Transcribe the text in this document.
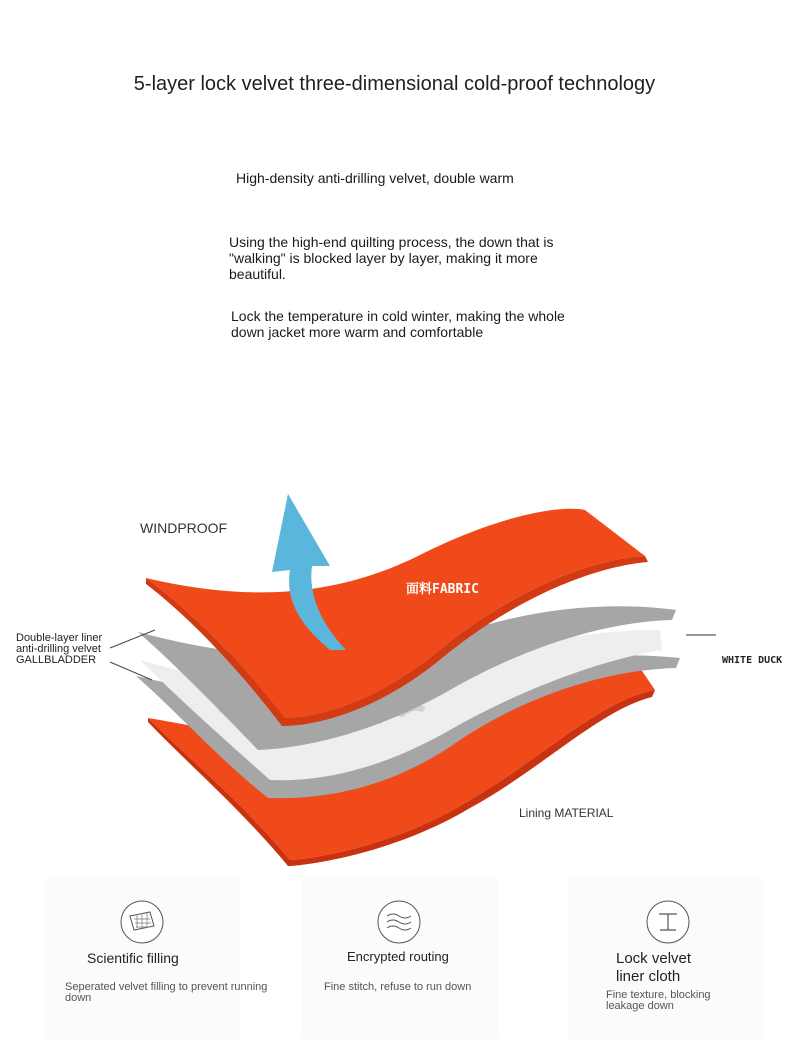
5-layer lock velvet three-dimensional cold-proof technology
High-density anti-drilling velvet, double warm
Using the high-end quilting process, the down that is "walking" is blocked layer by layer, making it more beautiful.
Lock the temperature in cold winter, making the whole down jacket more warm and comfortable
WINDPROOF
面料FABRIC
Double-layer liner
anti-drilling velvet
GALLBLADDER	WHITE DUCK
Lining MATERIAL
Scientific filling
Seperated velvet filling to prevent running down
Encrypted routing
Fine stitch, refuse to run down
Lock velvet liner cloth
Fine texture, blocking leakage down
